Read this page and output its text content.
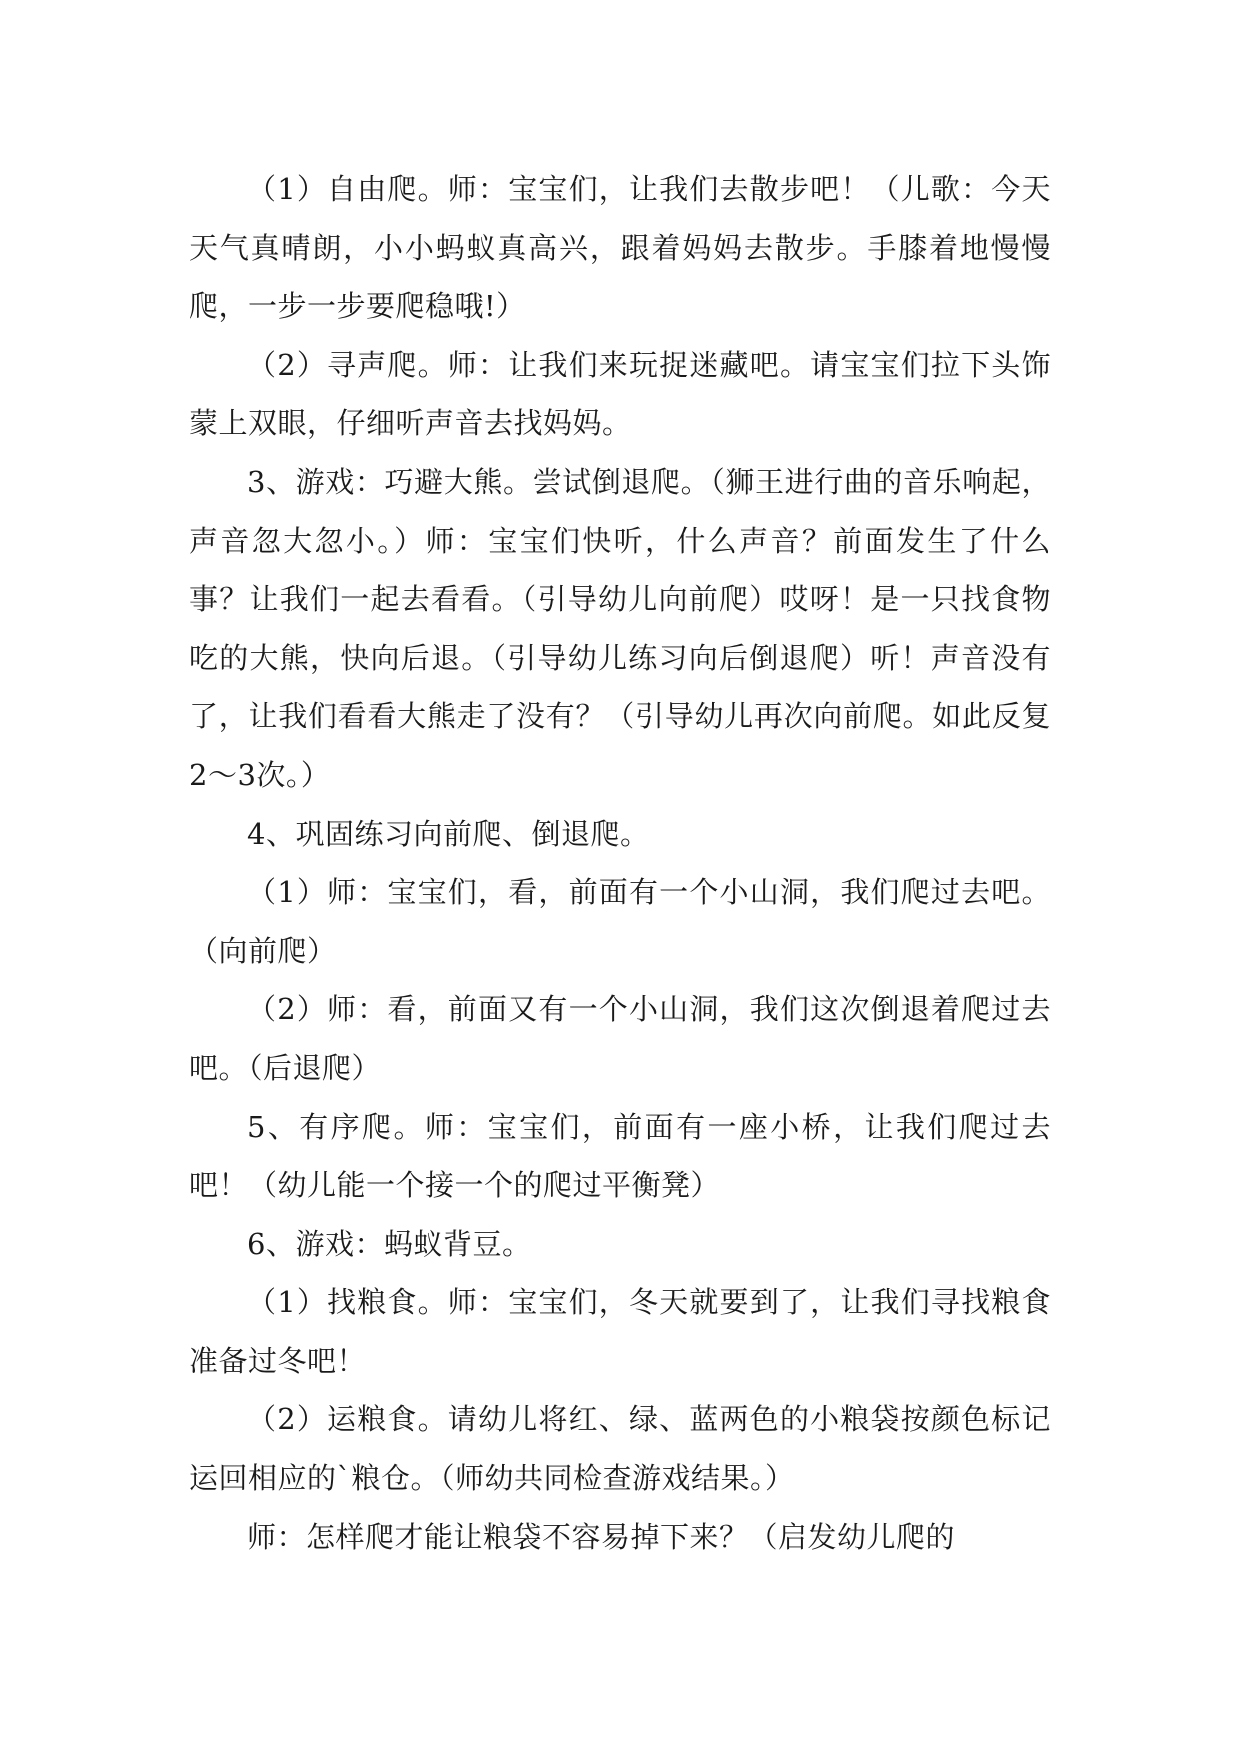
（1）自由爬。师：宝宝们，让我们去散步吧！（儿歌：今天天气真晴朗，小小蚂蚁真高兴，跟着妈妈去散步。手膝着地慢慢爬，一步一步要爬稳哦!）

（2）寻声爬。师：让我们来玩捉迷藏吧。请宝宝们拉下头饰蒙上双眼，仔细听声音去找妈妈。

3、游戏：巧避大熊。尝试倒退爬。（狮王进行曲的音乐响起，声音忽大忽小。）师：宝宝们快听，什么声音？前面发生了什么事？让我们一起去看看。（引导幼儿向前爬）哎呀！是一只找食物吃的大熊，快向后退。（引导幼儿练习向后倒退爬）听！声音没有了，让我们看看大熊走了没有？（引导幼儿再次向前爬。如此反复2～3次。）

4、巩固练习向前爬、倒退爬。

（1）师：宝宝们，看，前面有一个小山洞，我们爬过去吧。（向前爬）

（2）师：看，前面又有一个小山洞，我们这次倒退着爬过去吧。（后退爬）

5、有序爬。师：宝宝们，前面有一座小桥，让我们爬过去吧！（幼儿能一个接一个的爬过平衡凳）

6、游戏：蚂蚁背豆。

（1）找粮食。师：宝宝们，冬天就要到了，让我们寻找粮食准备过冬吧！

（2）运粮食。请幼儿将红、绿、蓝两色的小粮袋按颜色标记运回相应的`粮仓。（师幼共同检查游戏结果。）

师：怎样爬才能让粮袋不容易掉下来？（启发幼儿爬的
